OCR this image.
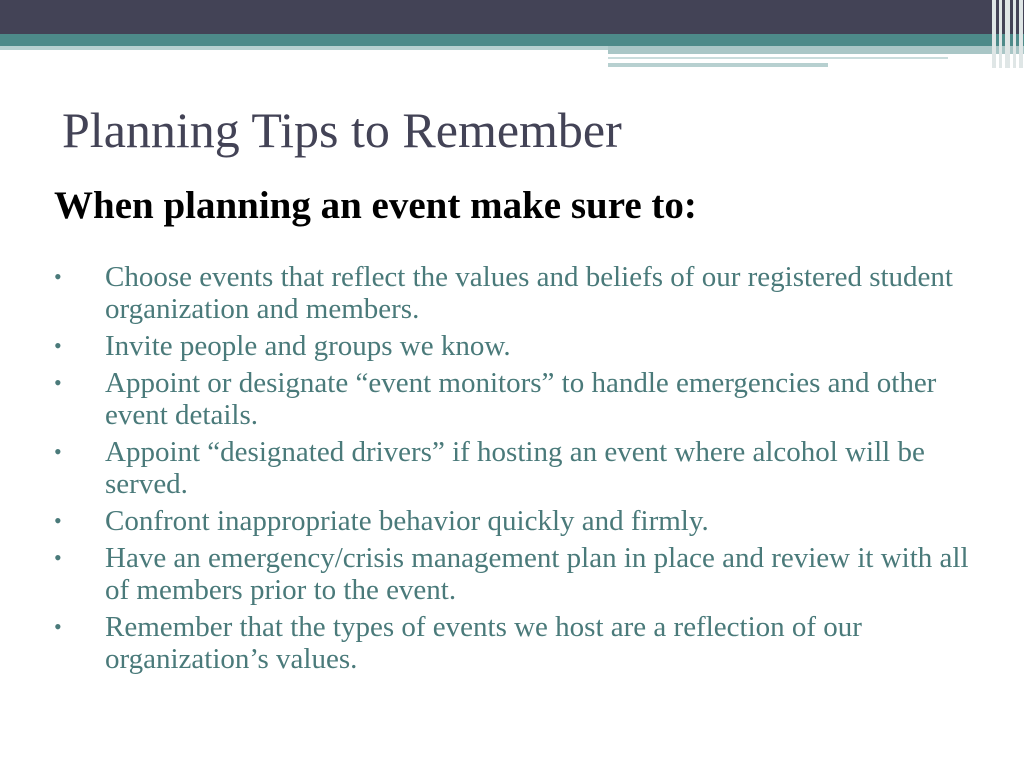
Planning Tips to Remember
When planning an event make sure to:
• Choose events that reflect the values and beliefs of our registered student organization and members.
• Invite people and groups we know.
• Appoint or designate “event monitors” to handle emergencies and other event details.
• Appoint “designated drivers” if hosting an event where alcohol will be served.
• Confront inappropriate behavior quickly and firmly.
• Have an emergency/crisis management plan in place and review it with all of members prior to the event.
• Remember that the types of events we host are a reflection of our organization’s values.
